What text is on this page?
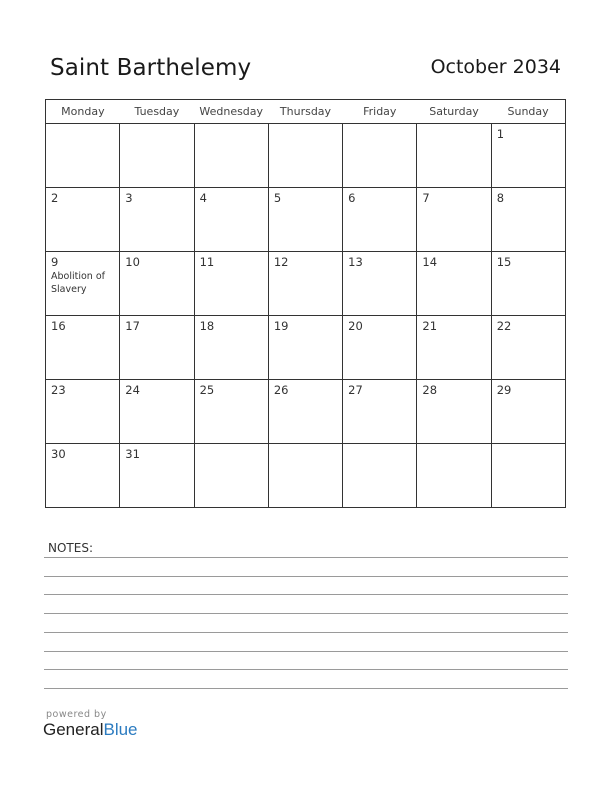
Saint Barthelemy	October 2034
Monday	Tuesday	Wednesday	Thursday	Friday	Saturday	Sunday

						1

2	3	4	5	6	7	8

9
Abolition of Slavery	10	11	12	13	14	15

16	17	18	19	20	21	22

23	24	25	26	27	28	29

30	31					

NOTES:
powered by
GeneralBlue
